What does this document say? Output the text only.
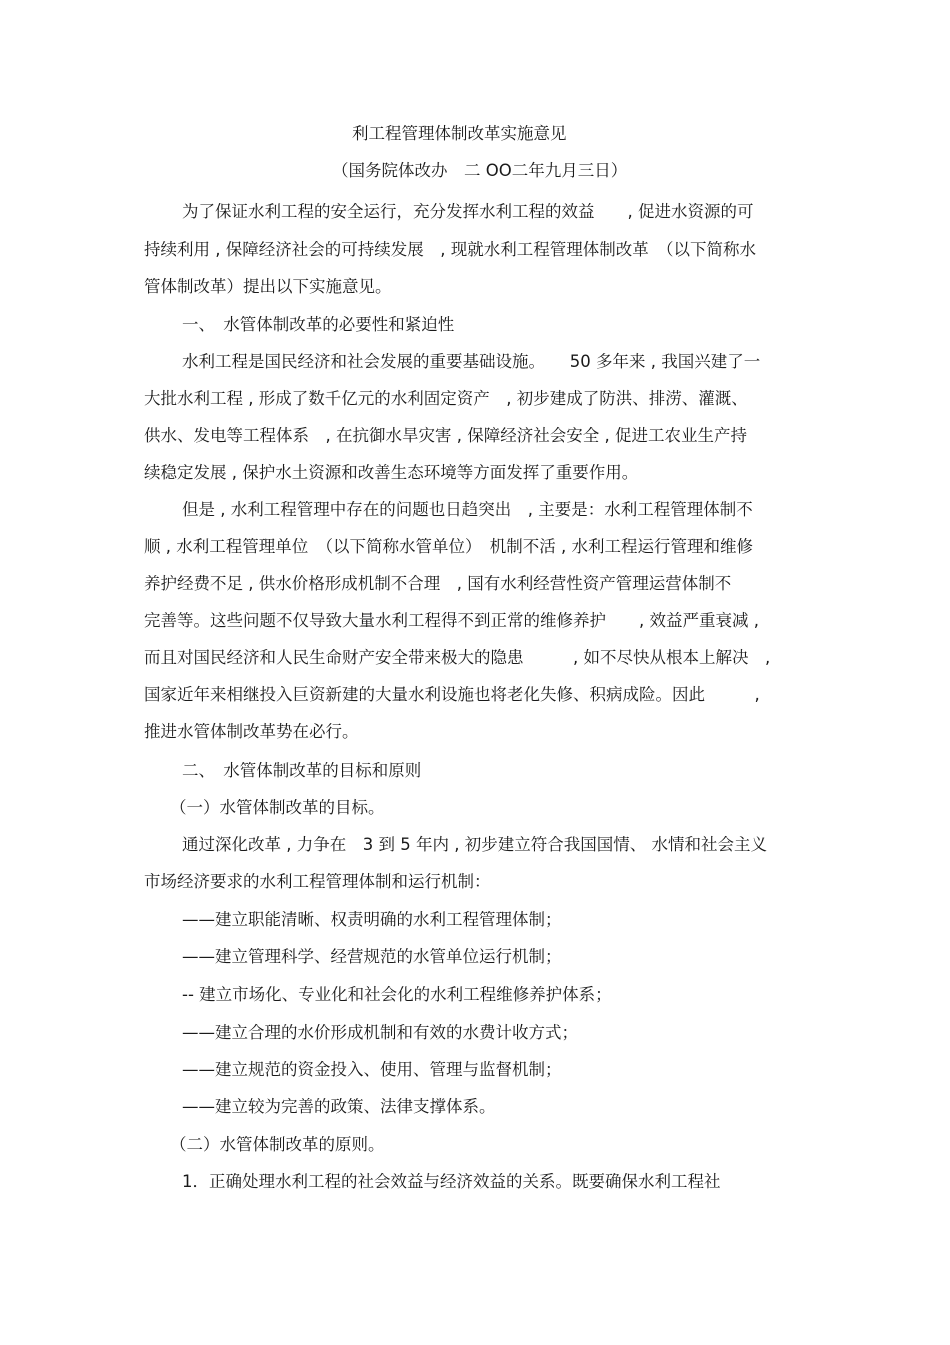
利工程管理体制改革实施意见
（国务院体改办　二 OO二年九月三日）
为了保证水利工程的安全运行，充分发挥水利工程的效益　　, 促进水资源的可
持续利用 , 保障经济社会的可持续发展　, 现就水利工程管理体制改革　（以下简称水
管体制改革）提出以下实施意见。
一、　水管体制改革的必要性和紧迫性
水利工程是国民经济和社会发展的重要基础设施。　　50 多年来 , 我国兴建了一
大批水利工程 , 形成了数千亿元的水利固定资产　, 初步建成了防洪、排涝、灌溉、
供水、发电等工程体系　, 在抗御水旱灾害 , 保障经济社会安全 , 促进工农业生产持
续稳定发展 , 保护水土资源和改善生态环境等方面发挥了重要作用。
但是 , 水利工程管理中存在的问题也日趋突出　, 主要是：水利工程管理体制不
顺 , 水利工程管理单位　（以下简称水管单位）　机制不活 , 水利工程运行管理和维修
养护经费不足 , 供水价格形成机制不合理　, 国有水利经营性资产管理运营体制不
完善等。这些问题不仅导致大量水利工程得不到正常的维修养护　　, 效益严重衰减 ,
而且对国民经济和人民生命财产安全带来极大的隐患　　　, 如不尽快从根本上解决　,
国家近年来相继投入巨资新建的大量水利设施也将老化失修、积病成险。因此　　　,
推进水管体制改革势在必行。
二、　水管体制改革的目标和原则
（一）水管体制改革的目标。
通过深化改革 , 力争在　3 到 5 年内 , 初步建立符合我国国情、 水情和社会主义
市场经济要求的水利工程管理体制和运行机制：
——建立职能清晰、权责明确的水利工程管理体制；
——建立管理科学、经营规范的水管单位运行机制；
-- 建立市场化、专业化和社会化的水利工程维修养护体系；
——建立合理的水价形成机制和有效的水费计收方式；
——建立规范的资金投入、使用、管理与监督机制；
——建立较为完善的政策、法律支撑体系。
（二）水管体制改革的原则。
1．正确处理水利工程的社会效益与经济效益的关系。既要确保水利工程社
